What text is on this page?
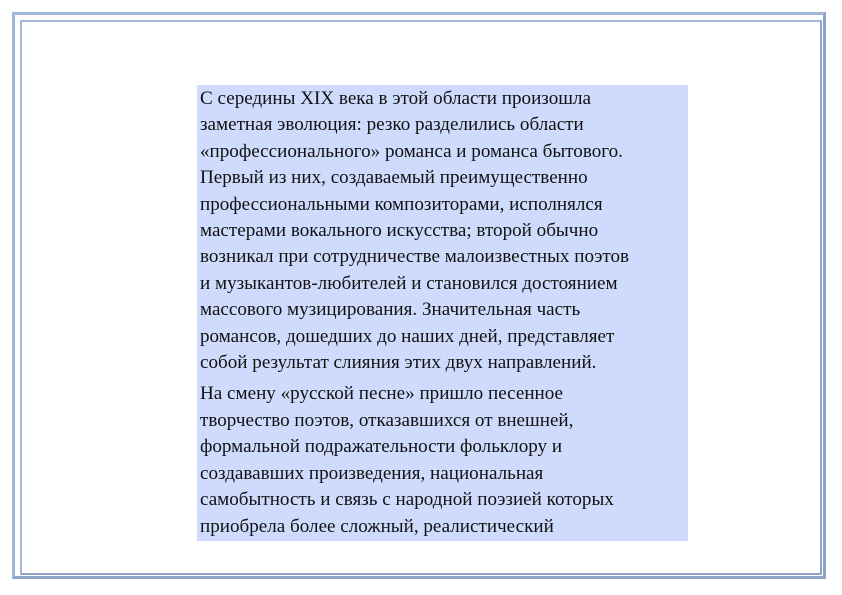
С середины XIX века в этой области произошла
заметная эволюция: резко разделились области
«профессионального» романса и романса бытового.
Первый из них, создаваемый преимущественно
профессиональными композиторами, исполнялся
мастерами вокального искусства; второй обычно
возникал при сотрудничестве малоизвестных поэтов
и музыкантов-любителей и становился достоянием
массового музицирования. Значительная часть
романсов, дошедших до наших дней, представляет
собой результат слияния этих двух направлений.

На смену «русской песне» пришло песенное
творчество поэтов, отказавшихся от внешней,
формальной подражательности фольклору и
создававших произведения, национальная
самобытность и связь с народной поэзией которых
приобрела более сложный, реалистический
